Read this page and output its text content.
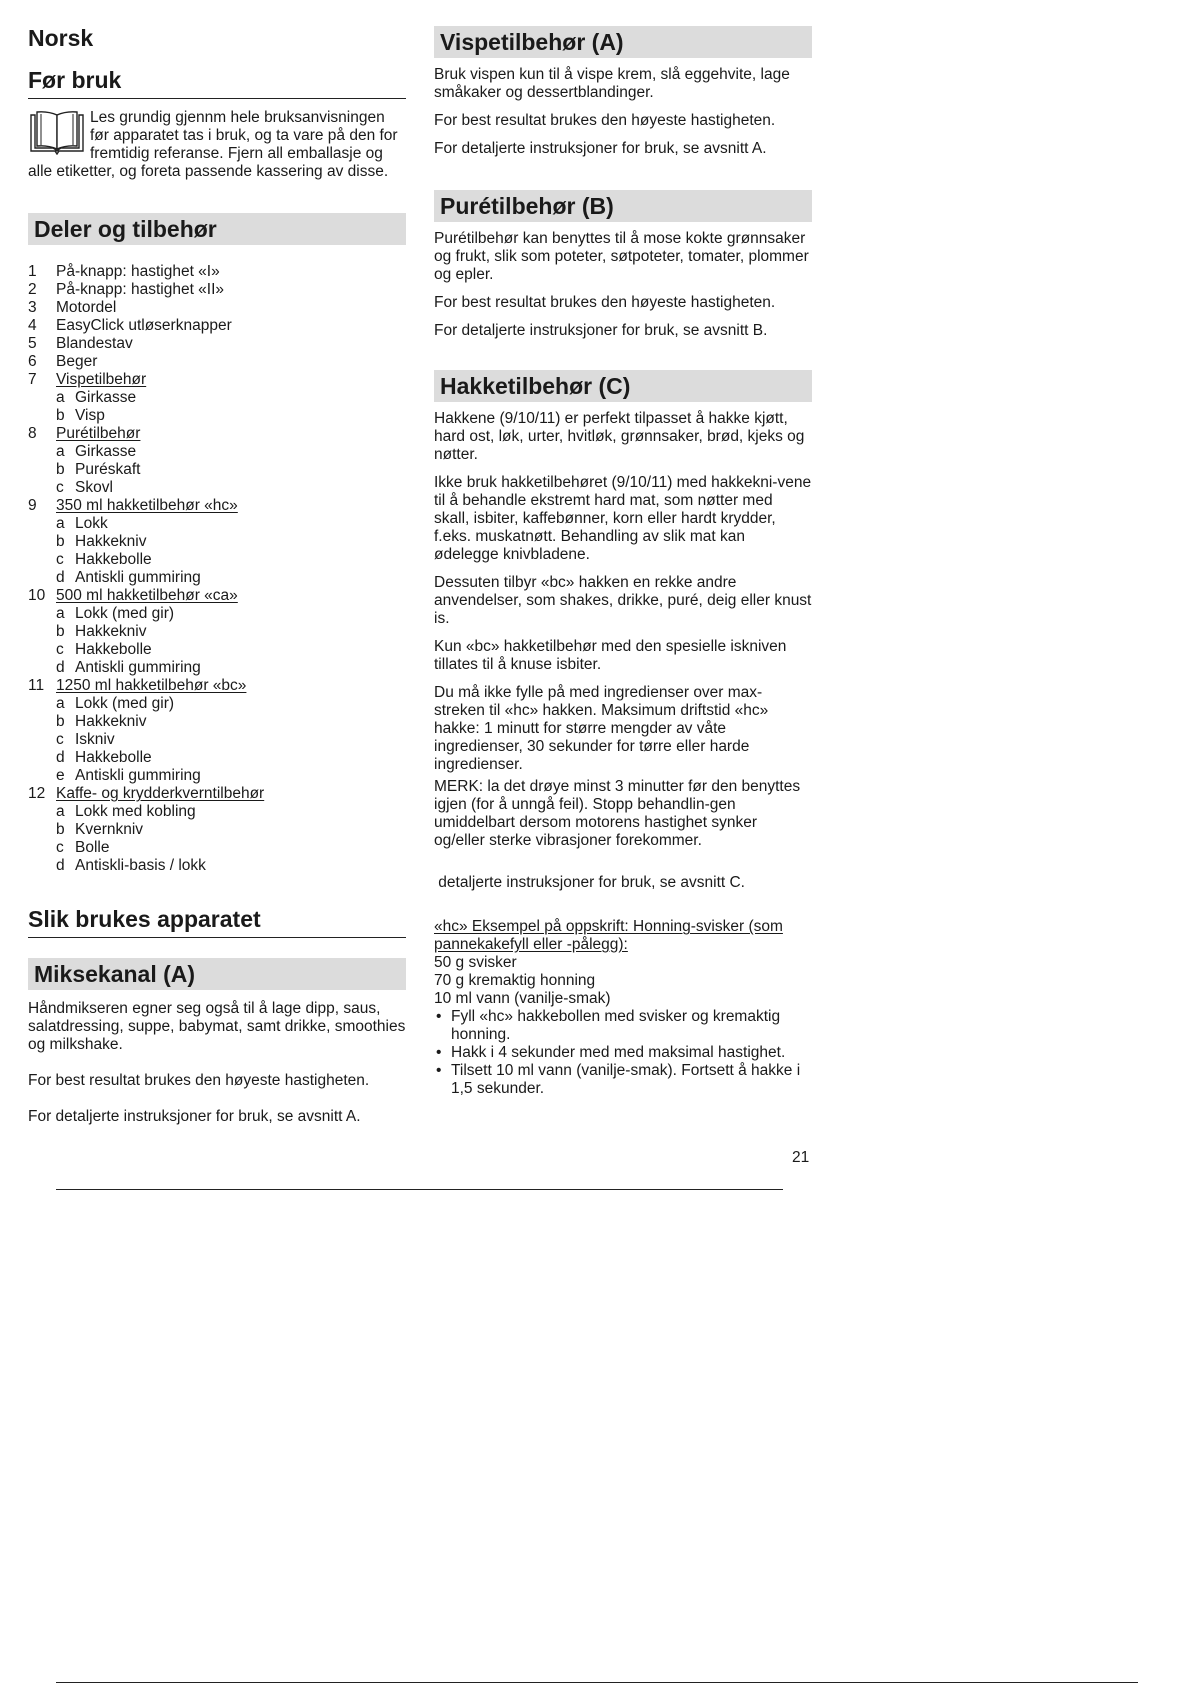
Norsk
Før bruk

Les grundig gjennm hele bruksanvisningen før apparatet tas i bruk, og ta vare på den for fremtidig referanse. Fjern all emballasje og alle etiketter, og foreta passende kassering av disse.

Deler og tilbehør
1	På-knapp: hastighet «I»
2	På-knapp: hastighet «II»
3	Motordel
4	EasyClick utløserknapper
5	Blandestav
6	Beger
7	Vispetilbehør
a Girkasse
b Visp
8	Purétilbehør
a Girkasse
b Puréskaft
c Skovl
9	350 ml hakketilbehør «hc»
a Lokk
b Hakkekniv
c Hakkebolle
d Antiskli gummiring
10 500 ml hakketilbehør «ca»
a Lokk (med gir)
b Hakkekniv
c Hakkebolle
d Antiskli gummiring
11 1250 ml hakketilbehør «bc»
a Lokk (med gir)
b Hakkekniv
c Iskniv
d Hakkebolle
e Antiskli gummiring
12 Kaffe- og krydderkverntilbehør
a Lokk med kobling
b Kvernkniv
c Bolle
d Antiskli-basis / lokk
Slik brukes apparatet
Miksekanal (A)

Håndmikseren egner seg også til å lage dipp, saus, salatdressing, suppe, babymat, samt drikke, smoothies og milkshake.

For best resultat brukes den høyeste hastigheten.

For detaljerte instruksjoner for bruk, se avsnitt A.

Vispetilbehør (A)

Bruk vispen kun til å vispe krem, slå eggehvite, lage småkaker og dessertblandinger.

For best resultat brukes den høyeste hastigheten.

For detaljerte instruksjoner for bruk, se avsnitt A.

Purétilbehør (B)

Purétilbehør kan benyttes til å mose kokte grønnsaker og frukt, slik som poteter, søtpoteter, tomater, plommer og epler.

For best resultat brukes den høyeste hastigheten.

For detaljerte instruksjoner for bruk, se avsnitt B.

Hakketilbehør (C)

Hakkene (9/10/11) er perfekt tilpasset å hakke kjøtt, hard ost, løk, urter, hvitløk, grønnsaker, brød, kjeks og nøtter.

Ikke bruk hakketilbehøret (9/10/11) med hakkekni-vene til å behandle ekstremt hard mat, som nøtter med skall, isbiter, kaffebønner, korn eller hardt krydder, f.eks. muskatnøtt. Behandling av slik mat kan ødelegge knivbladene.

Dessuten tilbyr «bc» hakken en rekke andre anvendelser, som shakes, drikke, puré, deig eller knust is.

Kun «bc» hakketilbehør med den spesielle iskniven tillates til å knuse isbiter.

Du må ikke fylle på med ingredienser over max-streken til «hc» hakken. Maksimum driftstid «hc» hakke: 1 minutt for større mengder av våte ingredienser, 30 sekunder for tørre eller harde ingredienser.

MERK: la det drøye minst 3 minutter før den benyttes igjen (for å unngå feil). Stopp behandlin-gen umiddelbart dersom motorens hastighet synker og/eller sterke vibrasjoner forekommer.

detaljerte instruksjoner for bruk, se avsnitt C.

«hc» Eksempel på oppskrift: Honning-svisker (som pannekakefyll eller -pålegg):

50 g svisker
70 g kremaktig honning
10 ml vann (vanilje-smak)
• Fyll «hc» hakkebollen med svisker og kremaktig honning.
• Hakk i 4 sekunder med med maksimal hastighet.
• Tilsett 10 ml vann (vanilje-smak). Fortsett å hakke i 1,5 sekunder.
21
